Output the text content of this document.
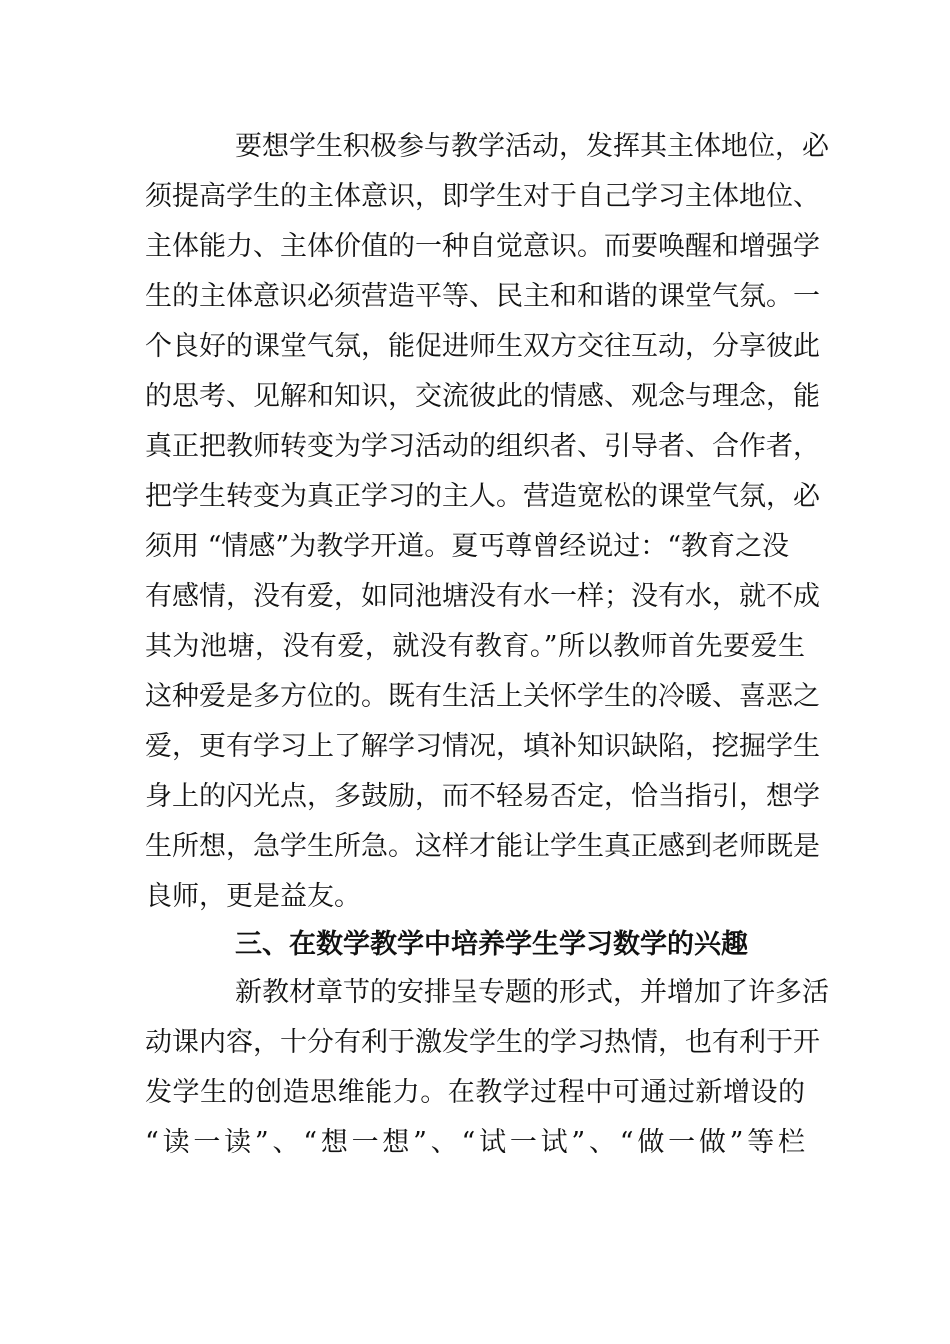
要想学生积极参与教学活动，发挥其主体地位，必
须提高学生的主体意识，即学生对于自己学习主体地位、
主体能力、主体价值的一种自觉意识。而要唤醒和增强学
生的主体意识必须营造平等、民主和和谐的课堂气氛。一
个良好的课堂气氛，能促进师生双方交往互动，分享彼此
的思考、见解和知识，交流彼此的情感、观念与理念，能
真正把教师转变为学习活动的组织者、引导者、合作者，
把学生转变为真正学习的主人。营造宽松的课堂气氛，必
须用 “情感”为教学开道。夏丐尊曾经说过：“教育之没
有感情，没有爱，如同池塘没有水一样；没有水，就不成
其为池塘，没有爱，就没有教育。”所以教师首先要爱生
这种爱是多方位的。既有生活上关怀学生的冷暖、喜恶之
爱，更有学习上了解学习情况，填补知识缺陷，挖掘学生
身上的闪光点，多鼓励，而不轻易否定，恰当指引，想学
生所想，急学生所急。这样才能让学生真正感到老师既是
良师，更是益友。
三、在数学教学中培养学生学习数学的兴趣
新教材章节的安排呈专题的形式，并增加了许多活
动课内容，十分有利于激发学生的学习热情，也有利于开
发学生的创造思维能力。在教学过程中可通过新增设的
“读一读”、“想一想”、“试一试”、“做一做”等栏
